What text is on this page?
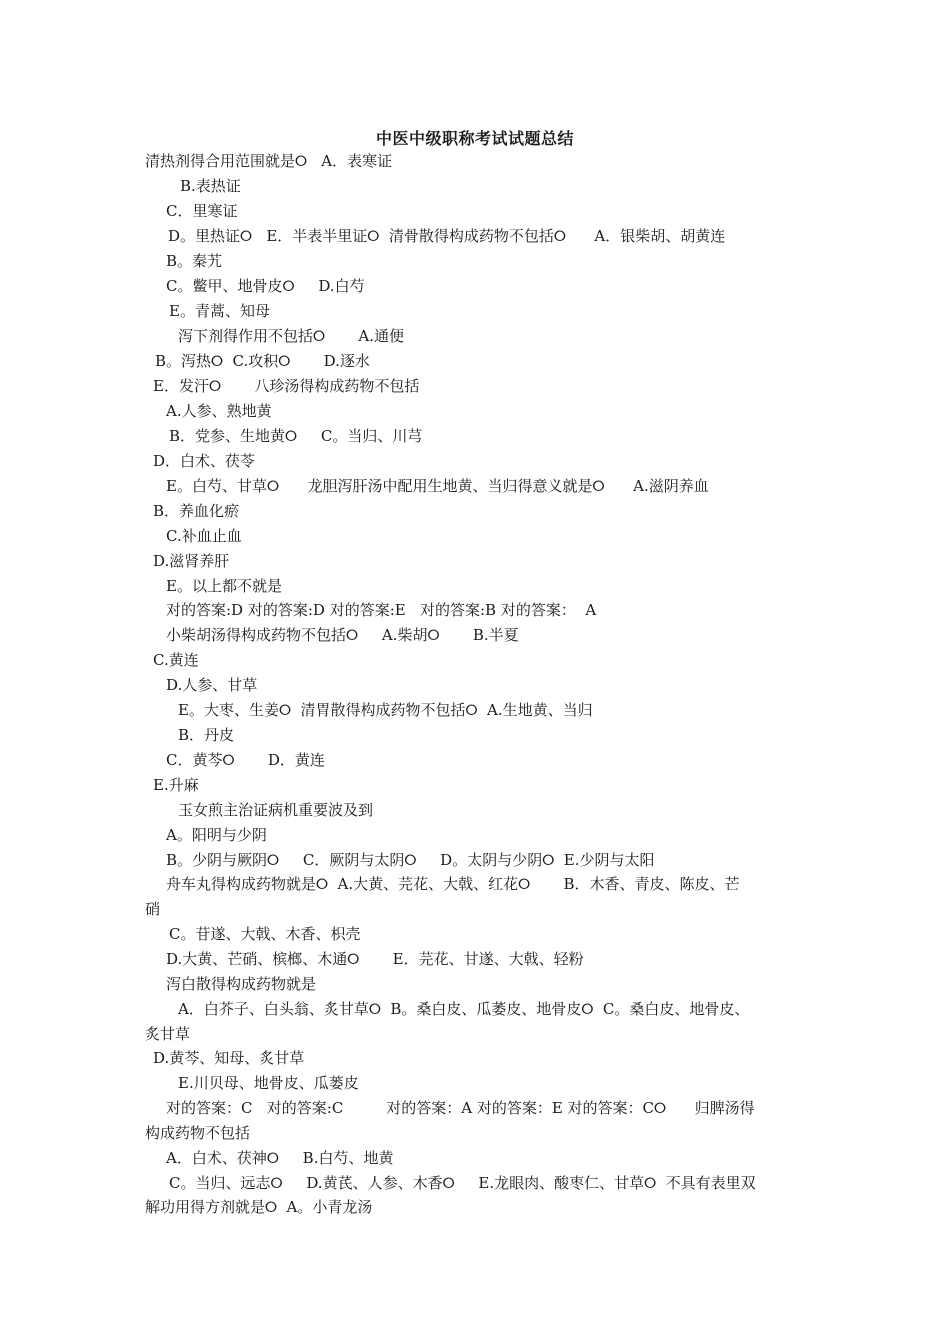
中医中级职称考试试题总结
清热剂得合用范围就是⭘   A．表寒证
B.表热证
C．里寒证
D。里热证⭘   E．半表半里证⭘  清骨散得构成药物不包括⭘      A．银柴胡、胡黄连
B。秦艽
C。鳖甲、地骨皮⭘     D.白芍
E。青蒿、知母
泻下剂得作用不包括⭘       A.通便
B。泻热⭘  C.攻积⭘       D.逐水
E．发汗⭘       八珍汤得构成药物不包括
A.人参、熟地黄
B．党参、生地黄⭘     C。当归、川芎
D．白术、茯苓
E。白芍、甘草⭘      龙胆泻肝汤中配用生地黄、当归得意义就是⭘      A.滋阴养血
B．养血化瘀
C.补血止血
D.滋肾养肝
E。以上都不就是
对的答案:D 对的答案:D 对的答案:E   对的答案:B 对的答案：  A
小柴胡汤得构成药物不包括⭘     A.柴胡⭘       B.半夏
C.黄连
D.人参、甘草
E。大枣、生姜⭘  清胃散得构成药物不包括⭘  A.生地黄、当归
B．丹皮
C．黄芩⭘       D．黄连
E.升麻
玉女煎主治证病机重要波及到
A。阳明与少阴
B。少阴与厥阴⭘     C．厥阴与太阴⭘     D。太阴与少阴⭘  E.少阴与太阳
舟车丸得构成药物就是⭘  A.大黄、芫花、大戟、红花⭘       B．木香、青皮、陈皮、芒
硝
C。苷遂、大戟、木香、枳壳
D.大黄、芒硝、槟榔、木通⭘       E．芫花、甘遂、大戟、轻粉
泻白散得构成药物就是
A．白芥子、白头翁、炙甘草⭘  B。桑白皮、瓜萎皮、地骨皮⭘  C。桑白皮、地骨皮、
炙甘草
D.黄芩、知母、炙甘草
E.川贝母、地骨皮、瓜蒌皮
对的答案：C   对的答案:C         对的答案：A 对的答案：E 对的答案：C⭘      归脾汤得
构成药物不包括
A．白术、茯神⭘     B.白芍、地黄
C。当归、远志⭘     D.黄芪、人参、木香⭘     E.龙眼肉、酸枣仁、甘草⭘  不具有表里双
解功用得方剂就是⭘  A。小青龙汤
